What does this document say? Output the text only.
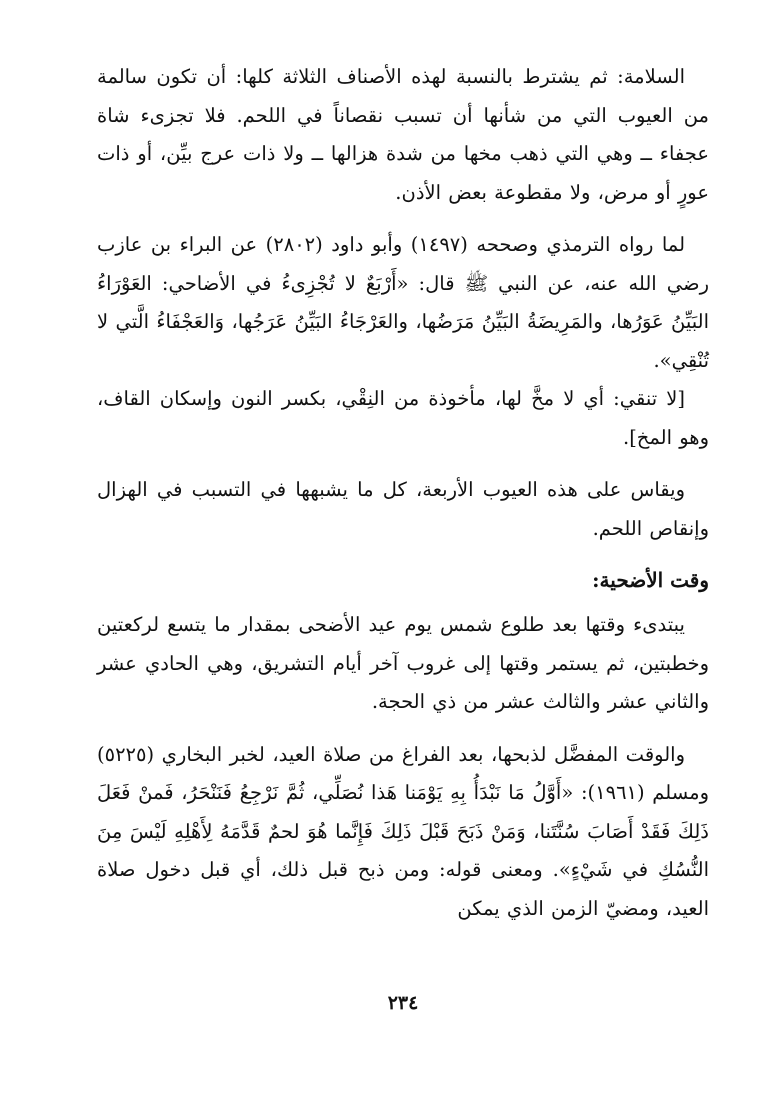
السلامة: ثم يشترط بالنسبة لهذه الأصناف الثلاثة كلها: أن تكون سالمة من العيوب التي من شأنها أن تسبب نقصاناً في اللحم. فلا تجزىء شاة عجفاء ــ وهي التي ذهب مخها من شدة هزالها ــ ولا ذات عرج بيِّن، أو ذات عورٍ أو مرض، ولا مقطوعة بعض الأذن.

لما رواه الترمذي وصححه (١٤٩٧) وأبو داود (٢٨٠٢) عن البراء بن عازب رضي الله عنه، عن النبي ﷺ قال: «أَرْبَعٌ لا تُجْزِىءُ في الأضاحي: العَوْرَاءُ البَيِّنُ عَوَرُها، والمَرِيضَةُ البَيِّنُ مَرَضُها، والعَرْجَاءُ البَيِّنُ عَرَجُها، وَالعَجْفَاءُ الَّتي لا تُنْقِي».

[لا تنقي: أي لا مخَّ لها، مأخوذة من النِقْي، بكسر النون وإسكان القاف، وهو المخ].

ويقاس على هذه العيوب الأربعة، كل ما يشبهها في التسبب في الهزال وإنقاص اللحم.

وقت الأضحية:

يبتدىء وقتها بعد طلوع شمس يوم عيد الأضحى بمقدار ما يتسع لركعتين وخطبتين، ثم يستمر وقتها إلى غروب آخر أيام التشريق، وهي الحادي عشر والثاني عشر والثالث عشر من ذي الحجة.

والوقت المفضَّل لذبحها، بعد الفراغ من صلاة العيد، لخبر البخاري (٥٢٢٥) ومسلم (١٩٦١): «أَوَّلُ مَا نَبْدَأُ بِهِ يَوْمَنا هَذا نُصَلِّي، ثُمَّ نَرْجِعُ فَنَنْحَرُ، فَمنْ فَعَلَ ذَلِكَ فَقَدْ أَصَابَ سُنَّتَنا، وَمَنْ ذَبَحَ قَبْلَ ذَلِكَ فَإِنَّما هُوَ لحمٌ قَدَّمَهُ لِأَهْلِهِ لَيْسَ مِنَ النُّسُكِ في شَيْءٍ». ومعنى قوله: ومن ذبح قبل ذلك، أي قبل دخول صلاة العيد، ومضيّ الزمن الذي يمكن

٢٣٤
